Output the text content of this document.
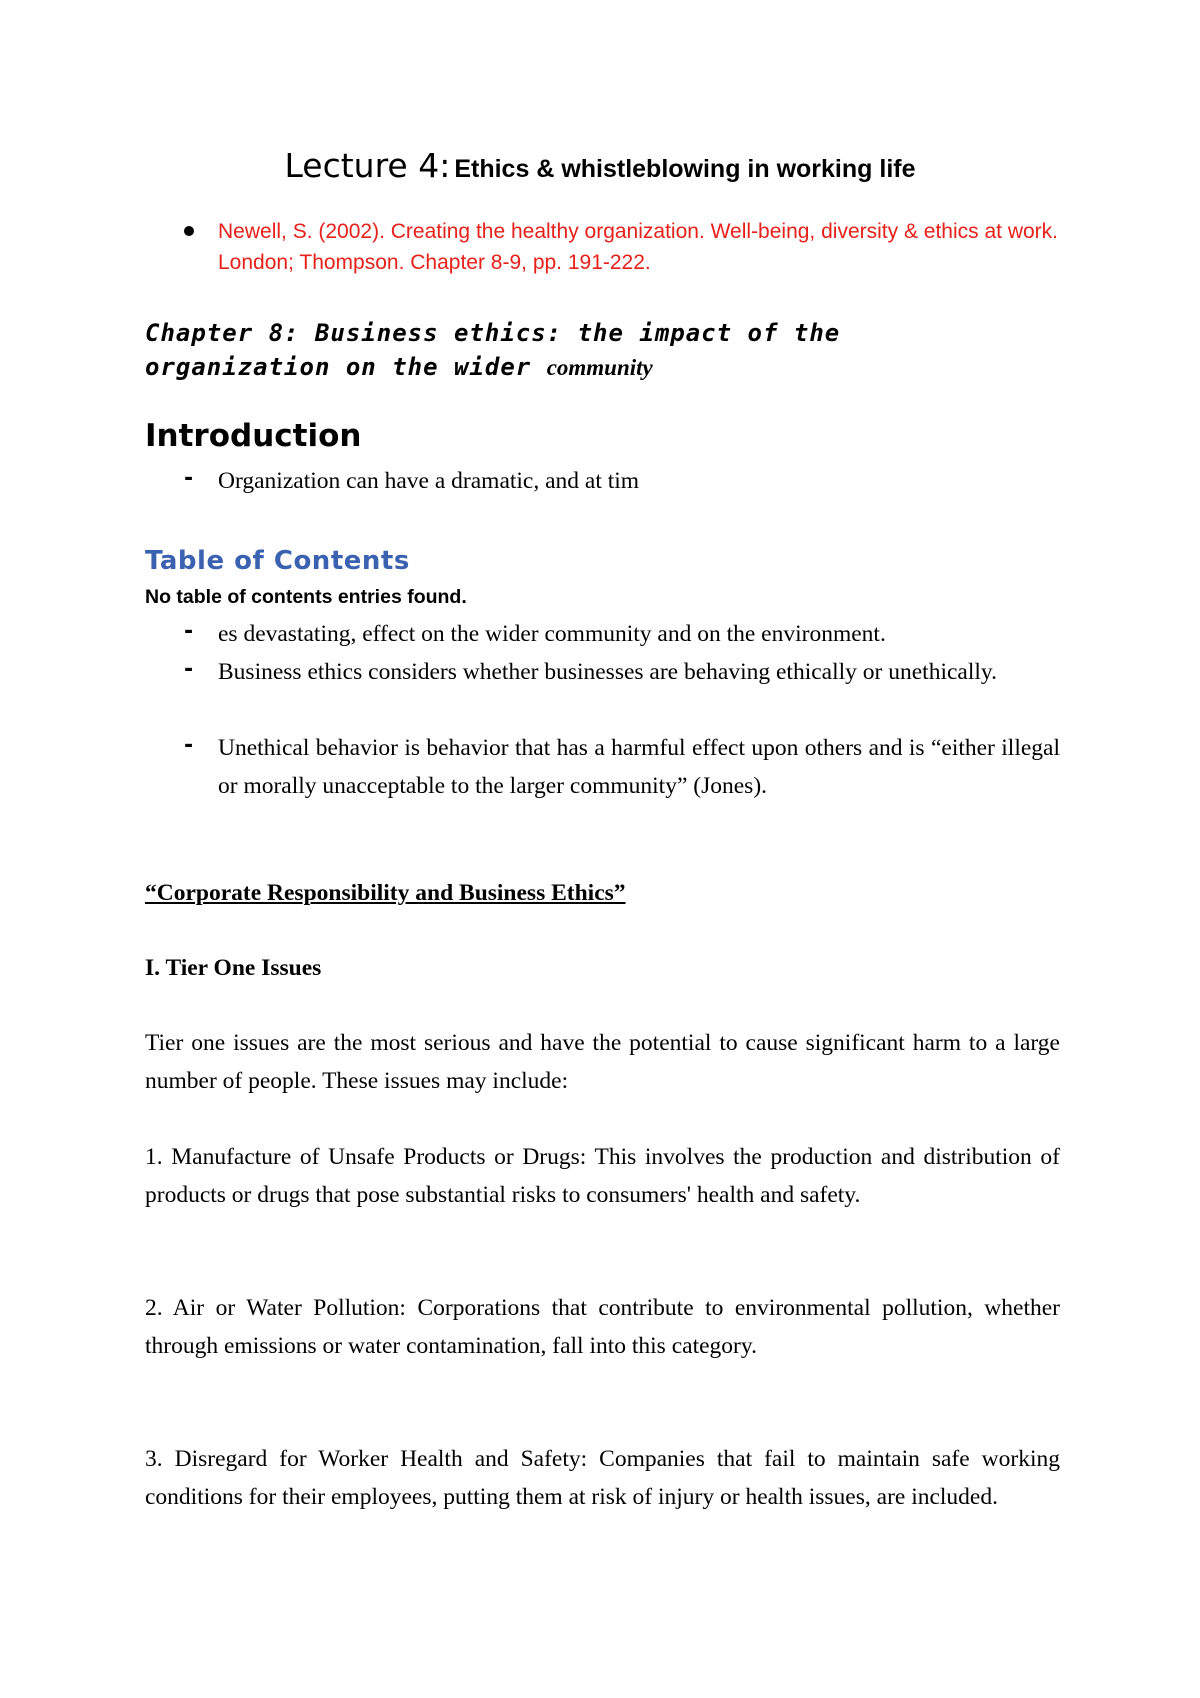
Lecture 4: Ethics & whistleblowing in working life
Newell, S. (2002). Creating the healthy organization. Well-being, diversity & ethics at work. London; Thompson. Chapter 8-9, pp. 191-222.
Chapter 8: Business ethics: the impact of the
organization on the wider community
Introduction
- Organization can have a dramatic, and at tim
Table of Contents
No table of contents entries found.
- es devastating, effect on the wider community and on the environment.
- Business ethics considers whether businesses are behaving ethically or unethically.
- Unethical behavior is behavior that has a harmful effect upon others and is “either illegal or morally unacceptable to the larger community” (Jones).
“Corporate Responsibility and Business Ethics”
I. Tier One Issues
Tier one issues are the most serious and have the potential to cause significant harm to a large number of people. These issues may include:
1. Manufacture of Unsafe Products or Drugs: This involves the production and distribution of products or drugs that pose substantial risks to consumers' health and safety.
2. Air or Water Pollution: Corporations that contribute to environmental pollution, whether through emissions or water contamination, fall into this category.
3. Disregard for Worker Health and Safety: Companies that fail to maintain safe working conditions for their employees, putting them at risk of injury or health issues, are included.
